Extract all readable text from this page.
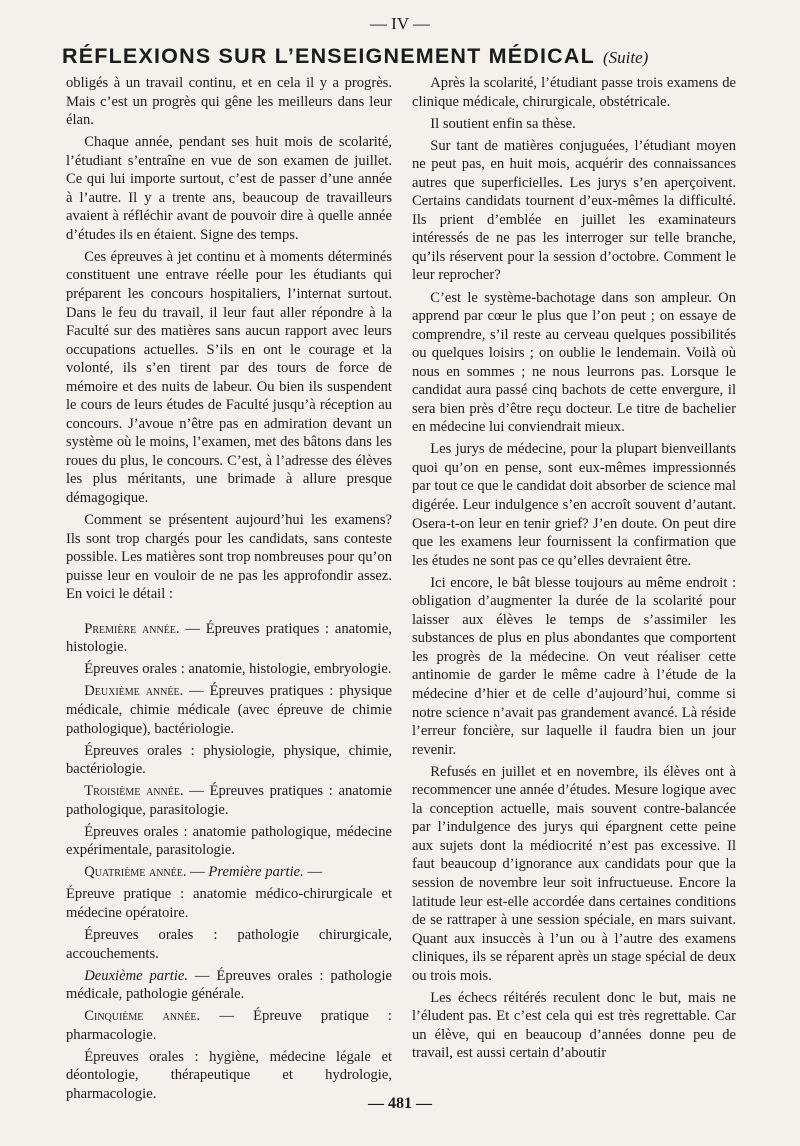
— IV —
RÉFLEXIONS SUR L’ENSEIGNEMENT MÉDICAL (Suite)

obligés à un travail continu, et en cela il y a progrès. Mais c’est un progrès qui gêne les meilleurs dans leur élan.

Chaque année, pendant ses huit mois de scolarité, l’étudiant s’entraîne en vue de son examen de juillet. Ce qui lui importe surtout, c’est de passer d’une année à l’autre. Il y a trente ans, beaucoup de travailleurs avaient à réfléchir avant de pouvoir dire à quelle année d’études ils en étaient. Signe des temps.

Ces épreuves à jet continu et à moments déterminés constituent une entrave réelle pour les étudiants qui préparent les concours hospitaliers, l’internat surtout. Dans le feu du travail, il leur faut aller répondre à la Faculté sur des matières sans aucun rapport avec leurs occupations actuelles. S’ils en ont le courage et la volonté, ils s’en tirent par des tours de force de mémoire et des nuits de labeur. Ou bien ils suspendent le cours de leurs études de Faculté jusqu’à réception au concours. J’avoue n’être pas en admiration devant un système où le moins, l’examen, met des bâtons dans les roues du plus, le concours. C’est, à l’adresse des élèves les plus méritants, une brimade à allure presque démagogique.

Comment se présentent aujourd’hui les examens? Ils sont trop chargés pour les candidats, sans conteste possible. Les matières sont trop nombreuses pour qu’on puisse leur en vouloir de ne pas les approfondir assez. En voici le détail :

Première année. — Épreuves pratiques : anatomie, histologie.

Épreuves orales : anatomie, histologie, embryologie.

Deuxième année. — Épreuves pratiques : physique médicale, chimie médicale (avec épreuve de chimie pathologique), bactériologie.

Épreuves orales : physiologie, physique, chimie, bactériologie.

Troisième année. — Épreuves pratiques : anatomie pathologique, parasitologie.

Épreuves orales : anatomie pathologique, médecine expérimentale, parasitologie.

Quatrième année. — Première partie. —

Épreuve pratique : anatomie médico-chirurgicale et médecine opératoire.

Épreuves orales : pathologie chirurgicale, accouchements.

Deuxième partie. — Épreuves orales : pathologie médicale, pathologie générale.

Cinquième année. — Épreuve pratique : pharmacologie.

Épreuves orales : hygiène, médecine légale et déontologie, thérapeutique et hydrologie, pharmacologie.

Après la scolarité, l’étudiant passe trois examens de clinique médicale, chirurgicale, obstétricale.

Il soutient enfin sa thèse.

Sur tant de matières conjuguées, l’étudiant moyen ne peut pas, en huit mois, acquérir des connaissances autres que superficielles. Les jurys s’en aperçoivent. Certains candidats tournent d’eux-mêmes la difficulté. Ils prient d’emblée en juillet les examinateurs intéressés de ne pas les interroger sur telle branche, qu’ils réservent pour la session d’octobre. Comment le leur reprocher?

C’est le système-bachotage dans son ampleur. On apprend par cœur le plus que l’on peut ; on essaye de comprendre, s’il reste au cerveau quelques possibilités ou quelques loisirs ; on oublie le lendemain. Voilà où nous en sommes ; ne nous leurrons pas. Lorsque le candidat aura passé cinq bachots de cette envergure, il sera bien près d’être reçu docteur. Le titre de bachelier en médecine lui conviendrait mieux.

Les jurys de médecine, pour la plupart bienveillants quoi qu’on en pense, sont eux-mêmes impressionnés par tout ce que le candidat doit absorber de science mal digérée. Leur indulgence s’en accroît souvent d’autant. Osera-t-on leur en tenir grief? J’en doute. On peut dire que les examens leur fournissent la confirmation que les études ne sont pas ce qu’elles devraient être.

Ici encore, le bât blesse toujours au même endroit : obligation d’augmenter la durée de la scolarité pour laisser aux élèves le temps de s’assimiler les substances de plus en plus abondantes que comportent les progrès de la médecine. On veut réaliser cette antinomie de garder le même cadre à l’étude de la médecine d’hier et de celle d’aujourd’hui, comme si notre science n’avait pas grandement avancé. Là réside l’erreur foncière, sur laquelle il faudra bien un jour revenir.

Refusés en juillet et en novembre, ils élèves ont à recommencer une année d’études. Mesure logique avec la conception actuelle, mais souvent contre-balancée par l’indulgence des jurys qui épargnent cette peine aux sujets dont la médiocrité n’est pas excessive. Il faut beaucoup d’ignorance aux candidats pour que la session de novembre leur soit infructueuse. Encore la latitude leur est-elle accordée dans certaines conditions de se rattraper à une session spéciale, en mars suivant. Quant aux insuccès à l’un ou à l’autre des examens cliniques, ils se réparent après un stage spécial de deux ou trois mois.

Les échecs réitérés reculent donc le but, mais ne l’éludent pas. Et c’est cela qui est très regrettable. Car un élève, qui en beaucoup d’années donne peu de travail, est aussi certain d’aboutir

— 481 —
